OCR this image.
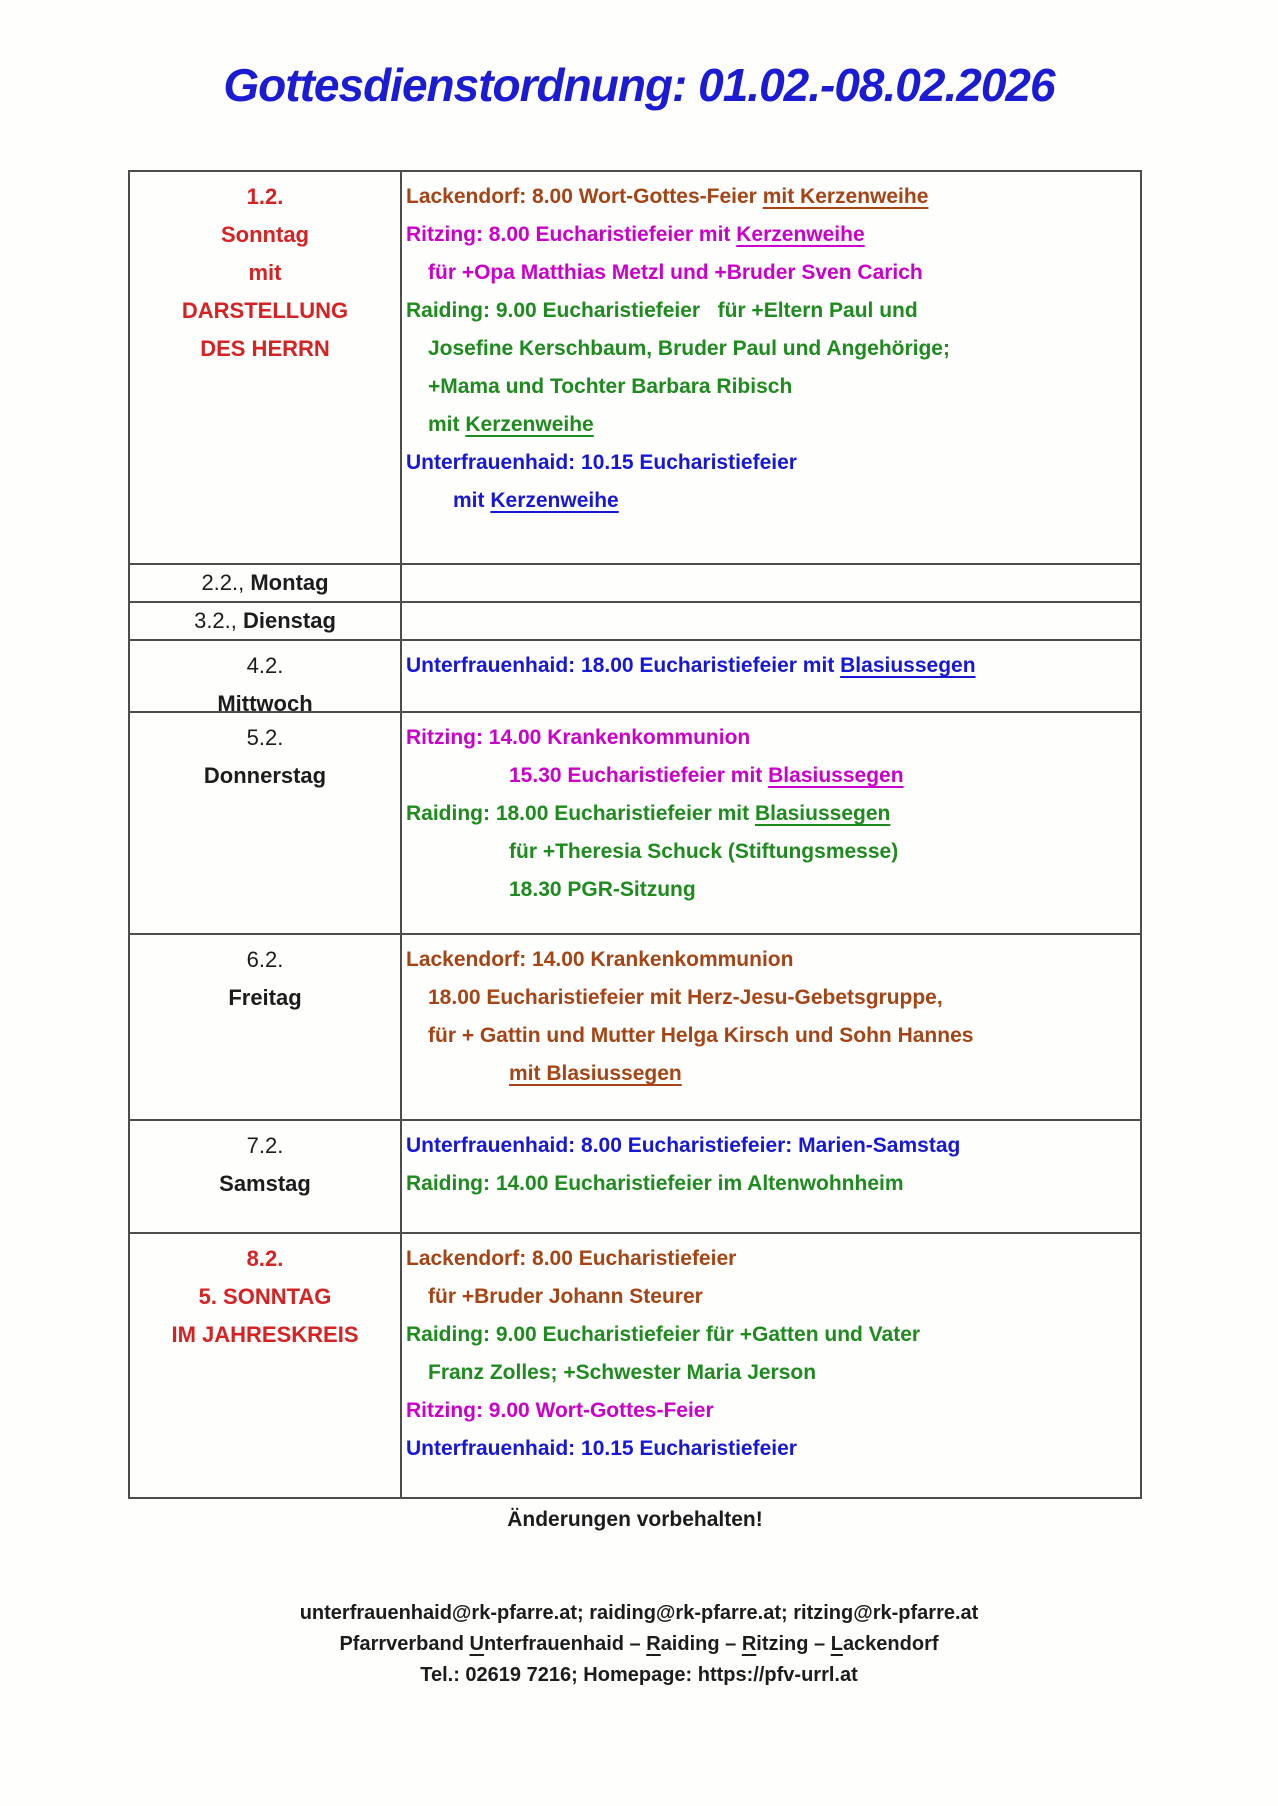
Gottesdienstordnung: 01.02.-08.02.2026
1.2.
Sonntag
mit
DARSTELLUNG
DES HERRN
Lackendorf: 8.00 Wort-Gottes-Feier mit Kerzenweihe
Ritzing: 8.00 Eucharistiefeier mit Kerzenweihe
für +Opa Matthias Metzl und +Bruder Sven Carich
Raiding: 9.00 Eucharistiefeier   für +Eltern Paul und
Josefine Kerschbaum, Bruder Paul und Angehörige;
+Mama und Tochter Barbara Ribisch
mit Kerzenweihe
Unterfrauenhaid: 10.15 Eucharistiefeier
mit Kerzenweihe
2.2., Montag
3.2., Dienstag
4.2.
Mittwoch
Unterfrauenhaid: 18.00 Eucharistiefeier mit Blasiussegen
5.2.
Donnerstag
Ritzing: 14.00 Krankenkommunion
15.30 Eucharistiefeier mit Blasiussegen
Raiding: 18.00 Eucharistiefeier mit Blasiussegen
für +Theresia Schuck (Stiftungsmesse)
18.30 PGR-Sitzung
6.2.
Freitag
Lackendorf: 14.00 Krankenkommunion
18.00 Eucharistiefeier mit Herz-Jesu-Gebetsgruppe,
für + Gattin und Mutter Helga Kirsch und Sohn Hannes
mit Blasiussegen
7.2.
Samstag
Unterfrauenhaid: 8.00 Eucharistiefeier: Marien-Samstag
Raiding: 14.00 Eucharistiefeier im Altenwohnheim
8.2.
5. SONNTAG
IM JAHRESKREIS
Lackendorf: 8.00 Eucharistiefeier
für +Bruder Johann Steurer
Raiding: 9.00 Eucharistiefeier für +Gatten und Vater
Franz Zolles; +Schwester Maria Jerson
Ritzing: 9.00 Wort-Gottes-Feier
Unterfrauenhaid: 10.15 Eucharistiefeier
Änderungen vorbehalten!
unterfrauenhaid@rk-pfarre.at; raiding@rk-pfarre.at; ritzing@rk-pfarre.at
Pfarrverband Unterfrauenhaid – Raiding – Ritzing – Lackendorf
Tel.: 02619 7216; Homepage: https://pfv-urrl.at
